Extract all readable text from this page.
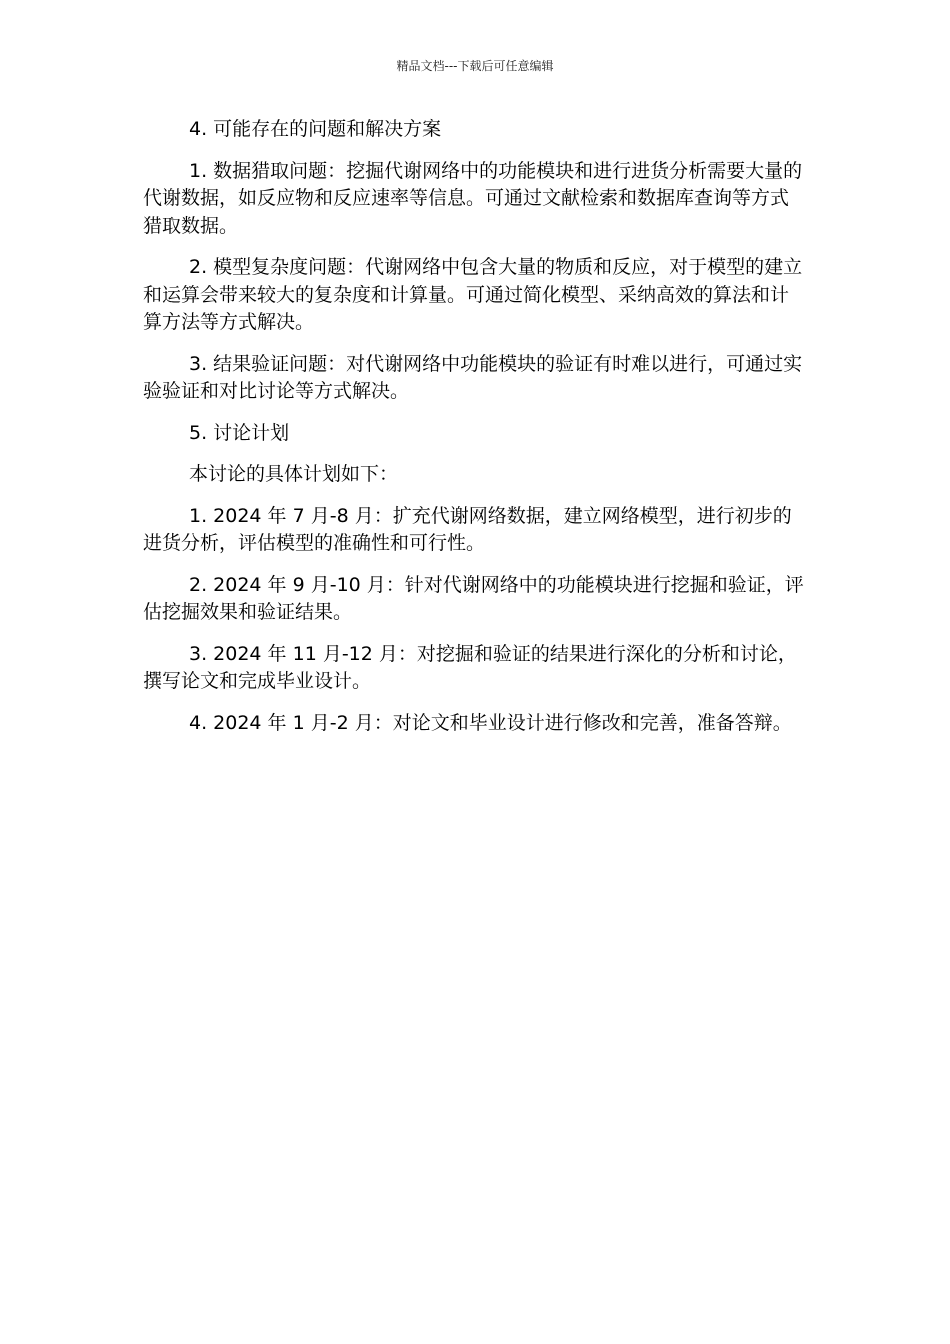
精品文档---下载后可任意编辑

4. 可能存在的问题和解决方案

1. 数据猎取问题：挖掘代谢网络中的功能模块和进行进货分析需要大量的代谢数据，如反应物和反应速率等信息。可通过文献检索和数据库查询等方式猎取数据。

2. 模型复杂度问题：代谢网络中包含大量的物质和反应，对于模型的建立和运算会带来较大的复杂度和计算量。可通过简化模型、采纳高效的算法和计算方法等方式解决。

3. 结果验证问题：对代谢网络中功能模块的验证有时难以进行，可通过实验验证和对比讨论等方式解决。

5. 讨论计划

本讨论的具体计划如下：

1. 2024 年 7 月-8 月：扩充代谢网络数据，建立网络模型，进行初步的进货分析，评估模型的准确性和可行性。

2. 2024 年 9 月-10 月：针对代谢网络中的功能模块进行挖掘和验证，评估挖掘效果和验证结果。

3. 2024 年 11 月-12 月：对挖掘和验证的结果进行深化的分析和讨论，撰写论文和完成毕业设计。

4. 2024 年 1 月-2 月：对论文和毕业设计进行修改和完善，准备答辩。
